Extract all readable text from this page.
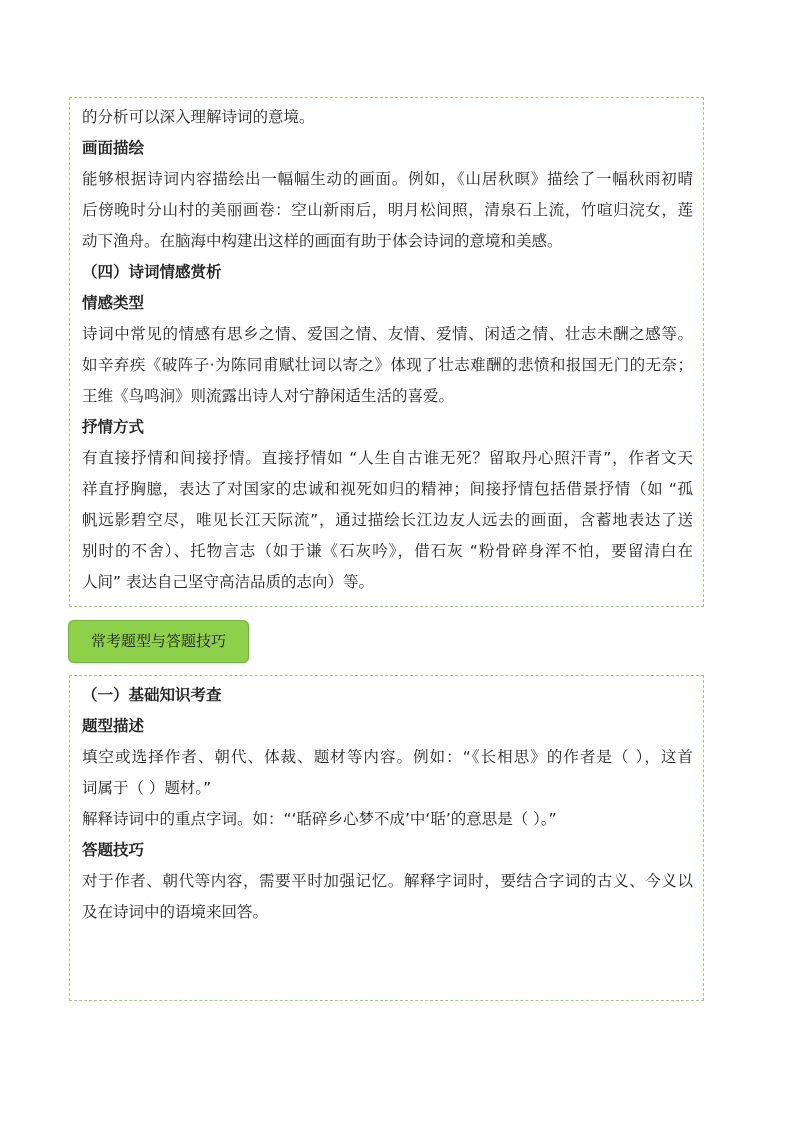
的分析可以深入理解诗词的意境。
画面描绘
能够根据诗词内容描绘出一幅幅生动的画面。例如，《山居秋暝》描绘了一幅秋雨初晴
后傍晚时分山村的美丽画卷：空山新雨后，明月松间照，清泉石上流，竹喧归浣女，莲
动下渔舟。在脑海中构建出这样的画面有助于体会诗词的意境和美感。
（四）诗词情感赏析
情感类型
诗词中常见的情感有思乡之情、爱国之情、友情、爱情、闲适之情、壮志未酬之感等。
如辛弃疾《破阵子·为陈同甫赋壮词以寄之》体现了壮志难酬的悲愤和报国无门的无奈；
王维《鸟鸣涧》则流露出诗人对宁静闲适生活的喜爱。
抒情方式
有直接抒情和间接抒情。直接抒情如 “人生自古谁无死？留取丹心照汗青”，作者文天
祥直抒胸臆，表达了对国家的忠诚和视死如归的精神；间接抒情包括借景抒情（如 “孤
帆远影碧空尽，唯见长江天际流”，通过描绘长江边友人远去的画面，含蓄地表达了送
别时的不舍）、托物言志（如于谦《石灰吟》，借石灰 “粉骨碎身浑不怕，要留清白在
人间” 表达自己坚守高洁品质的志向）等。
常考题型与答题技巧
（一）基础知识考查
题型描述
填空或选择作者、朝代、体裁、题材等内容。例如：“《长相思》的作者是（ ），这首
词属于（ ）题材。”
解释诗词中的重点字词。如：“‘聒碎乡心梦不成’中‘聒’的意思是（ ）。”
答题技巧
对于作者、朝代等内容，需要平时加强记忆。解释字词时，要结合字词的古义、今义以
及在诗词中的语境来回答。
